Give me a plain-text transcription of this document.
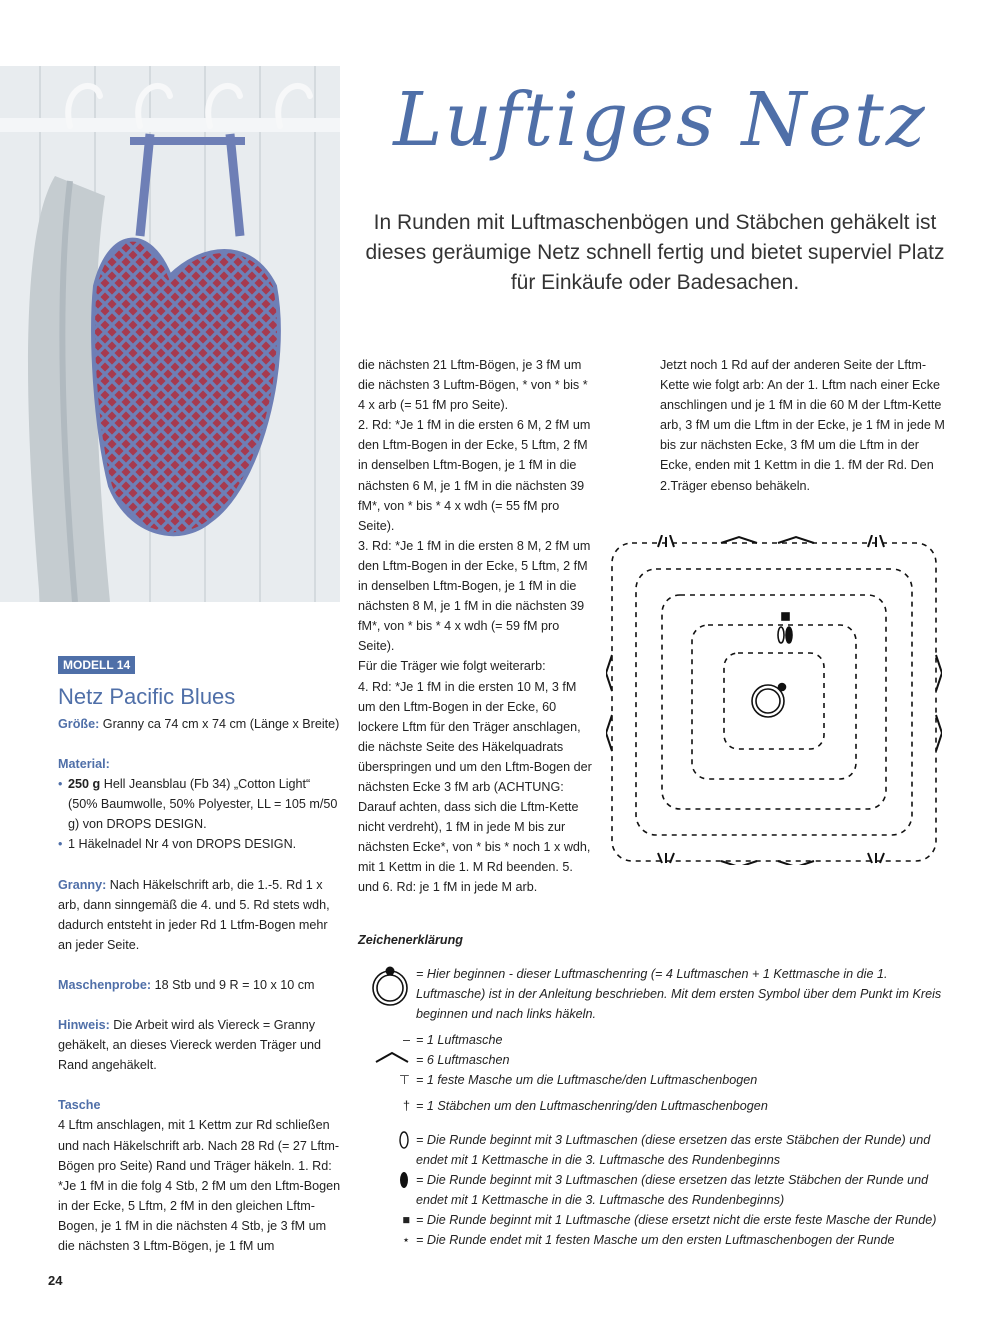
Luftiges Netz
In Runden mit Luftmaschenbögen und Stäbchen gehäkelt ist dieses geräumige Netz schnell fertig und bietet superviel Platz für Einkäufe oder Badesachen.
MODELL 14
Netz Pacific Blues
Größe: Granny ca 74 cm x 74 cm (Länge x Breite)
Material:
• 250 g Hell Jeansblau (Fb 34) „Cotton Light“ (50% Baumwolle, 50% Polyester, LL = 105 m/50 g) von DROPS DESIGN.
• 1 Häkelnadel Nr 4 von DROPS DESIGN.
Granny: Nach Häkelschrift arb, die 1.-5. Rd 1 x arb, dann sinngemäß die 4. und 5. Rd stets wdh, dadurch entsteht in jeder Rd 1 Ltfm-Bogen mehr an jeder Seite.
Maschenprobe: 18 Stb und 9 R = 10 x 10 cm
Hinweis: Die Arbeit wird als Viereck = Granny gehäkelt, an dieses Viereck werden Träger und Rand angehäkelt.
Tasche
4 Lftm anschlagen, mit 1 Kettm zur Rd schließen und nach Häkelschrift arb. Nach 28 Rd (= 27 Lftm-Bögen pro Seite) Rand und Träger häkeln. 1. Rd: *Je 1 fM in die folg 4 Stb, 2 fM um den Lftm-Bogen in der Ecke, 5 Lftm, 2 fM in den gleichen Lftm-Bogen, je 1 fM in die nächsten 4 Stb, je 3 fM um die nächsten 3 Lftm-Bögen, je 1 fM um
die nächsten 21 Lftm-Bögen, je 3 fM um die nächsten 3 Luftm-Bögen, * von * bis * 4 x arb (= 51 fM pro Seite).
2. Rd: *Je 1 fM in die ersten 6 M, 2 fM um den Lftm-Bogen in der Ecke, 5 Lftm, 2 fM in denselben Lftm-Bogen, je 1 fM in die nächsten 6 M, je 1 fM in die nächsten 39 fM*, von * bis * 4 x wdh (= 55 fM pro Seite).
3. Rd: *Je 1 fM in die ersten 8 M, 2 fM um den Lftm-Bogen in der Ecke, 5 Lftm, 2 fM in denselben Lftm-Bogen, je 1 fM in die nächsten 8 M, je 1 fM in die nächsten 39 fM*, von * bis * 4 x wdh (= 59 fM pro Seite).
Für die Träger wie folgt weiterarb:
4. Rd: *Je 1 fM in die ersten 10 M, 3 fM um den Lftm-Bogen in der Ecke, 60 lockere Lftm für den Träger anschlagen, die nächste Seite des Häkelquadrats überspringen und um den Lftm-Bogen der nächsten Ecke 3 fM arb (ACHTUNG: Darauf achten, dass sich die Lftm-Kette nicht verdreht), 1 fM in jede M bis zur nächsten Ecke*, von * bis * noch 1 x wdh, mit 1 Kettm in die 1. M Rd beenden. 5. und 6. Rd: je 1 fM in jede M arb.
Jetzt noch 1 Rd auf der anderen Seite der Lftm-Kette wie folgt arb: An der 1. Lftm nach einer Ecke anschlingen und je 1 fM in die 60 M der Lftm-Kette arb, 3 fM um die Lftm in der Ecke, je 1 fM in jede M bis zur nächsten Ecke, 3 fM um die Lftm in der Ecke, enden mit 1 Kettm in die 1. fM der Rd. Den 2.Träger ebenso behäkeln.
Zeichenerklärung
= Hier beginnen - dieser Luftmaschenring (= 4 Luftmaschen + 1 Kettmasche in die 1. Luftmasche) ist in der Anleitung beschrieben. Mit dem ersten Symbol über dem Punkt im Kreis beginnen und nach links häkeln.
– = 1 Luftmasche
= 6 Luftmaschen
⊤ = 1 feste Masche um die Luftmasche/den Luftmaschenbogen
† = 1 Stäbchen um den Luftmaschenring/den Luftmaschenbogen
= Die Runde beginnt mit 3 Luftmaschen (diese ersetzen das erste Stäbchen der Runde) und endet mit 1 Kettmasche in die 3. Luftmasche des Rundenbeginns
= Die Runde beginnt mit 3 Luftmaschen (diese ersetzen das letzte Stäbchen der Runde und endet mit 1 Kettmasche in die 3. Luftmasche des Rundenbeginns)
■ = Die Runde beginnt mit 1 Luftmasche (diese ersetzt nicht die erste feste Masche der Runde)
⋆ = Die Runde endet mit 1 festen Masche um den ersten Luftmaschenbogen der Runde
24
